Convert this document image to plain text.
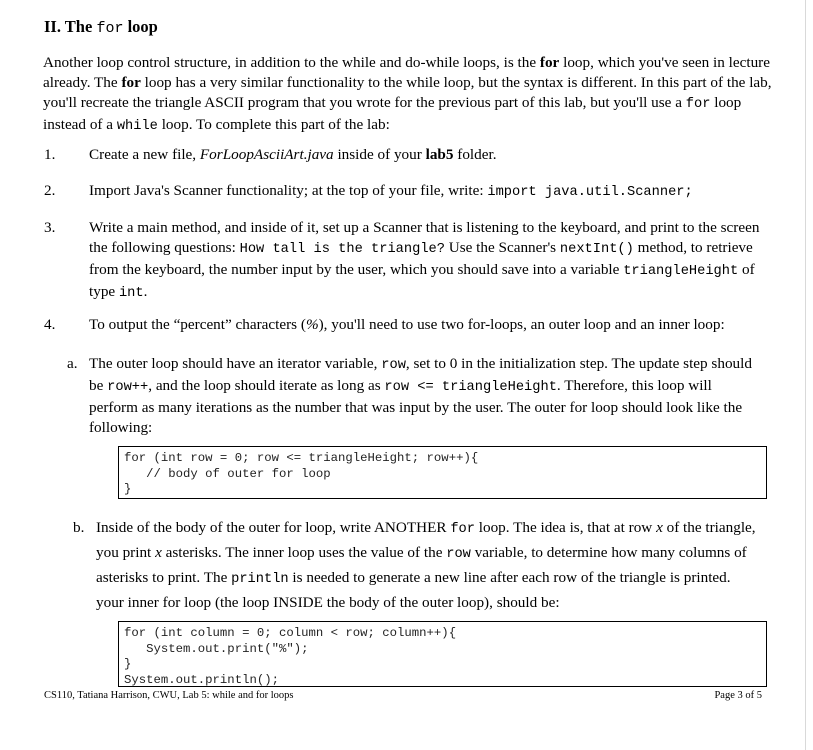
II. The for loop

Another loop control structure, in addition to the while and do-while loops, is the for loop, which you've seen in lecture already. The for loop has a very similar functionality to the while loop, but the syntax is different. In this part of the lab, you'll recreate the triangle ASCII program that you wrote for the previous part of this lab, but you'll use a for loop instead of a while loop. To complete this part of the lab:

1. Create a new file, ForLoopAsciiArt.java inside of your lab5 folder.
2. Import Java's Scanner functionality; at the top of your file, write: import java.util.Scanner;
3. Write a main method, and inside of it, set up a Scanner that is listening to the keyboard, and print to the screen the following questions: How tall is the triangle? Use the Scanner's nextInt() method, to retrieve from the keyboard, the number input by the user, which you should save into a variable triangleHeight of type int.
4. To output the “percent” characters (%), you'll need to use two for-loops, an outer loop and an inner loop:
a. The outer loop should have an iterator variable, row, set to 0 in the initialization step. The update step should be row++, and the loop should iterate as long as row <= triangleHeight. Therefore, this loop will perform as many iterations as the number that was input by the user. The outer for loop should look like the following:
for (int row = 0; row <= triangleHeight; row++){
// body of outer for loop
}
b. Inside of the body of the outer for loop, write ANOTHER for loop. The idea is, that at row x of the triangle, you print x asterisks. The inner loop uses the value of the row variable, to determine how many columns of asterisks to print. The println is needed to generate a new line after each row of the triangle is printed. your inner for loop (the loop INSIDE the body of the outer loop), should be:
for (int column = 0; column < row; column++){
System.out.print("%");
}
System.out.println();
CS110, Tatiana Harrison, CWU, Lab 5: while and for loops	Page 3 of 5
